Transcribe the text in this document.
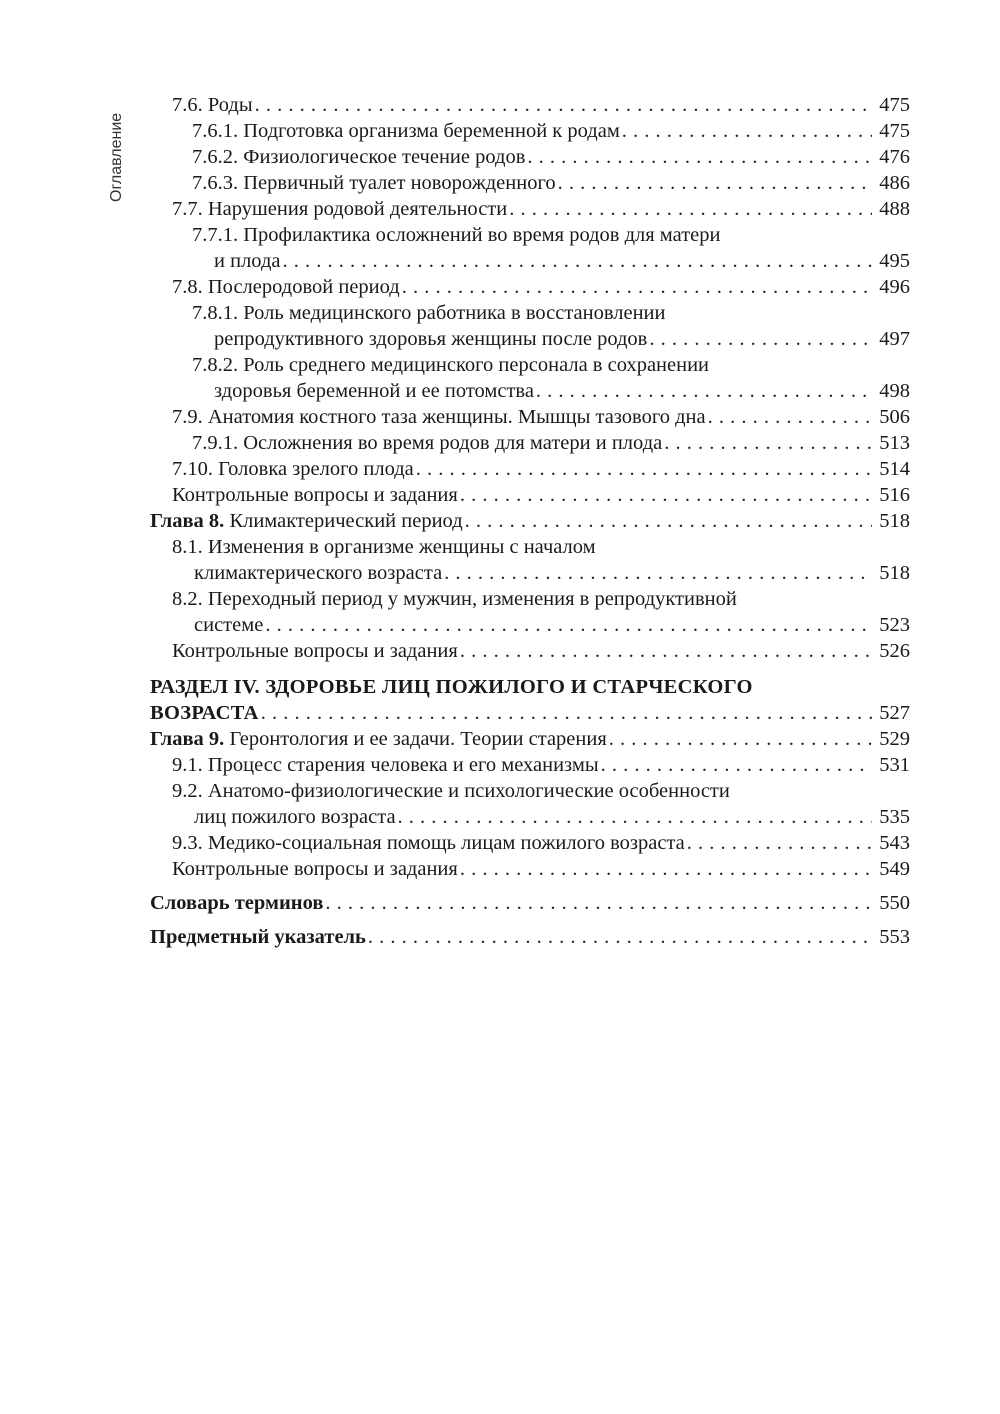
Оглавление
7.6. Роды . . .	475
7.6.1. Подготовка организма беременной к родам . . .	475
7.6.2. Физиологическое течение родов . . .	476
7.6.3. Первичный туалет новорожденного . . .	486
7.7. Нарушения родовой деятельности . . .	488
7.7.1. Профилактика осложнений во время родов для матери
и плода . . .	495
7.8. Послеродовой период . . .	496
7.8.1. Роль медицинского работника в восстановлении
репродуктивного здоровья женщины после родов . . .	497
7.8.2. Роль среднего медицинского персонала в сохранении
здоровья беременной и ее потомства . . .	498
7.9. Анатомия костного таза женщины. Мышцы тазового дна . . .	506
7.9.1. Осложнения во время родов для матери и плода . . .	513
7.10. Головка зрелого плода . . .	514
Контрольные вопросы и задания . . .	516
Глава 8. Климактерический период . . .	518
8.1. Изменения в организме женщины с началом
климактерического возраста . . .	518
8.2. Переходный период у мужчин, изменения в репродуктивной
системе . . .	523
Контрольные вопросы и задания . . .	526
РАЗДЕЛ IV. ЗДОРОВЬЕ ЛИЦ ПОЖИЛОГО И СТАРЧЕСКОГО
ВОЗРАСТА . . .	527
Глава 9. Геронтология и ее задачи. Теории старения . . .	529
9.1. Процесс старения человека и его механизмы . . .	531
9.2. Анатомо-физиологические и психологические особенности
лиц пожилого возраста . . .	535
9.3. Медико-социальная помощь лицам пожилого возраста . . .	543
Контрольные вопросы и задания . . .	549
Словарь терминов . . .	550
Предметный указатель . . .	553
